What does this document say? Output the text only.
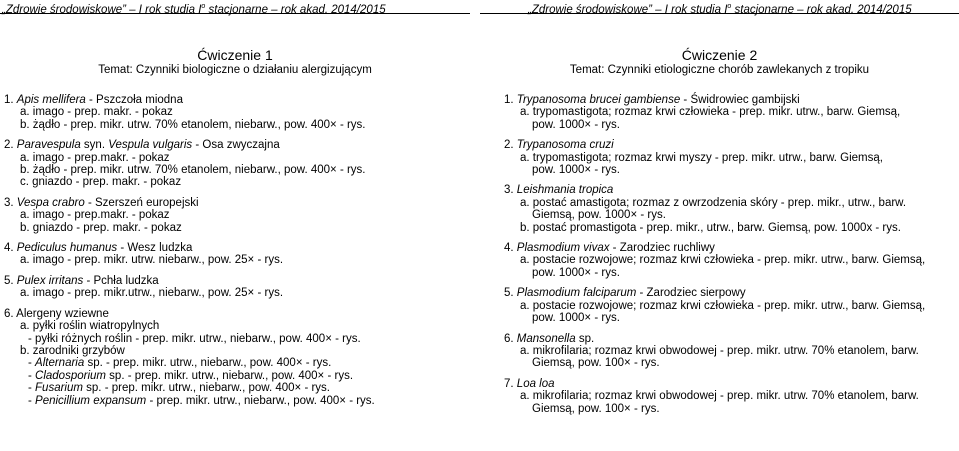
„Zdrowie środowiskowe” – I rok studia $I^o$ stacjonarne – rok akad. 2014/2015
Ćwiczenie 1
Temat: Czynniki biologiczne o działaniu alergizującym
1. Apis mellifera - Pszczoła miodna
a. imago - prep. makr. - pokaz
b. żądło - prep. mikr. utrw. 70% etanolem, niebarw., pow. 400× - rys.
2. Paravespula syn. Vespula vulgaris - Osa zwyczajna
a. imago - prep.makr. - pokaz
b. żądło - prep. mikr. utrw. 70% etanolem, niebarw., pow. 400× - rys.
c. gniazdo - prep. makr. - pokaz
3. Vespa crabro - Szerszeń europejski
a. imago - prep.makr. - pokaz
b. gniazdo - prep. makr. - pokaz
4. Pediculus humanus - Wesz ludzka
a. imago - prep. mikr. utrw. niebarw., pow. 25× - rys.
5. Pulex irritans - Pchła ludzka
a. imago - prep. mikr.utrw., niebarw., pow. 25× - rys.
6. Alergeny wziewne
a. pyłki roślin wiatropylnych
- pyłki różnych roślin - prep. mikr. utrw., niebarw., pow. 400× - rys.
b. zarodniki grzybów
- Alternaria sp. - prep. mikr. utrw., niebarw., pow. 400× - rys.
- Cladosporium sp. - prep. mikr. utrw., niebarw., pow. 400× - rys.
- Fusarium sp. - prep. mikr. utrw., niebarw., pow. 400× - rys.
- Penicillium expansum - prep. mikr. utrw., niebarw., pow. 400× - rys.
„Zdrowie środowiskowe” – I rok studia $I^o$ stacjonarne – rok akad. 2014/2015
Ćwiczenie 2
Temat: Czynniki etiologiczne chorób zawlekanych z tropiku
1. Trypanosoma brucei gambiense - Świdrowiec gambijski
a. trypomastigota; rozmaz krwi człowieka - prep. mikr. utrw., barw. Giemsą,
pow. 1000× - rys.
2. Trypanosoma cruzi
a. trypomastigota; rozmaz krwi myszy - prep. mikr. utrw., barw. Giemsą,
pow. 1000× - rys.
3. Leishmania tropica
a. postać amastigota; rozmaz z owrzodzenia skóry - prep. mikr., utrw., barw.
Giemsą, pow. 1000× - rys.
b. postać promastigota - prep. mikr., utrw., barw. Giemsą, pow. 1000x - rys.
4. Plasmodium vivax - Zarodziec ruchliwy
a. postacie rozwojowe; rozmaz krwi człowieka - prep. mikr. utrw., barw. Giemsą,
pow. 1000× - rys.
5. Plasmodium falciparum - Zarodziec sierpowy
a. postacie rozwojowe; rozmaz krwi człowieka - prep. mikr. utrw., barw. Giemsą,
pow. 1000× - rys.
6. Mansonella sp.
a. mikrofilaria; rozmaz krwi obwodowej - prep. mikr. utrw. 70% etanolem, barw.
Giemsą, pow. 100× - rys.
7. Loa loa
a. mikrofilaria; rozmaz krwi obwodowej - prep. mikr. utrw. 70% etanolem, barw.
Giemsą, pow. 100× - rys.
